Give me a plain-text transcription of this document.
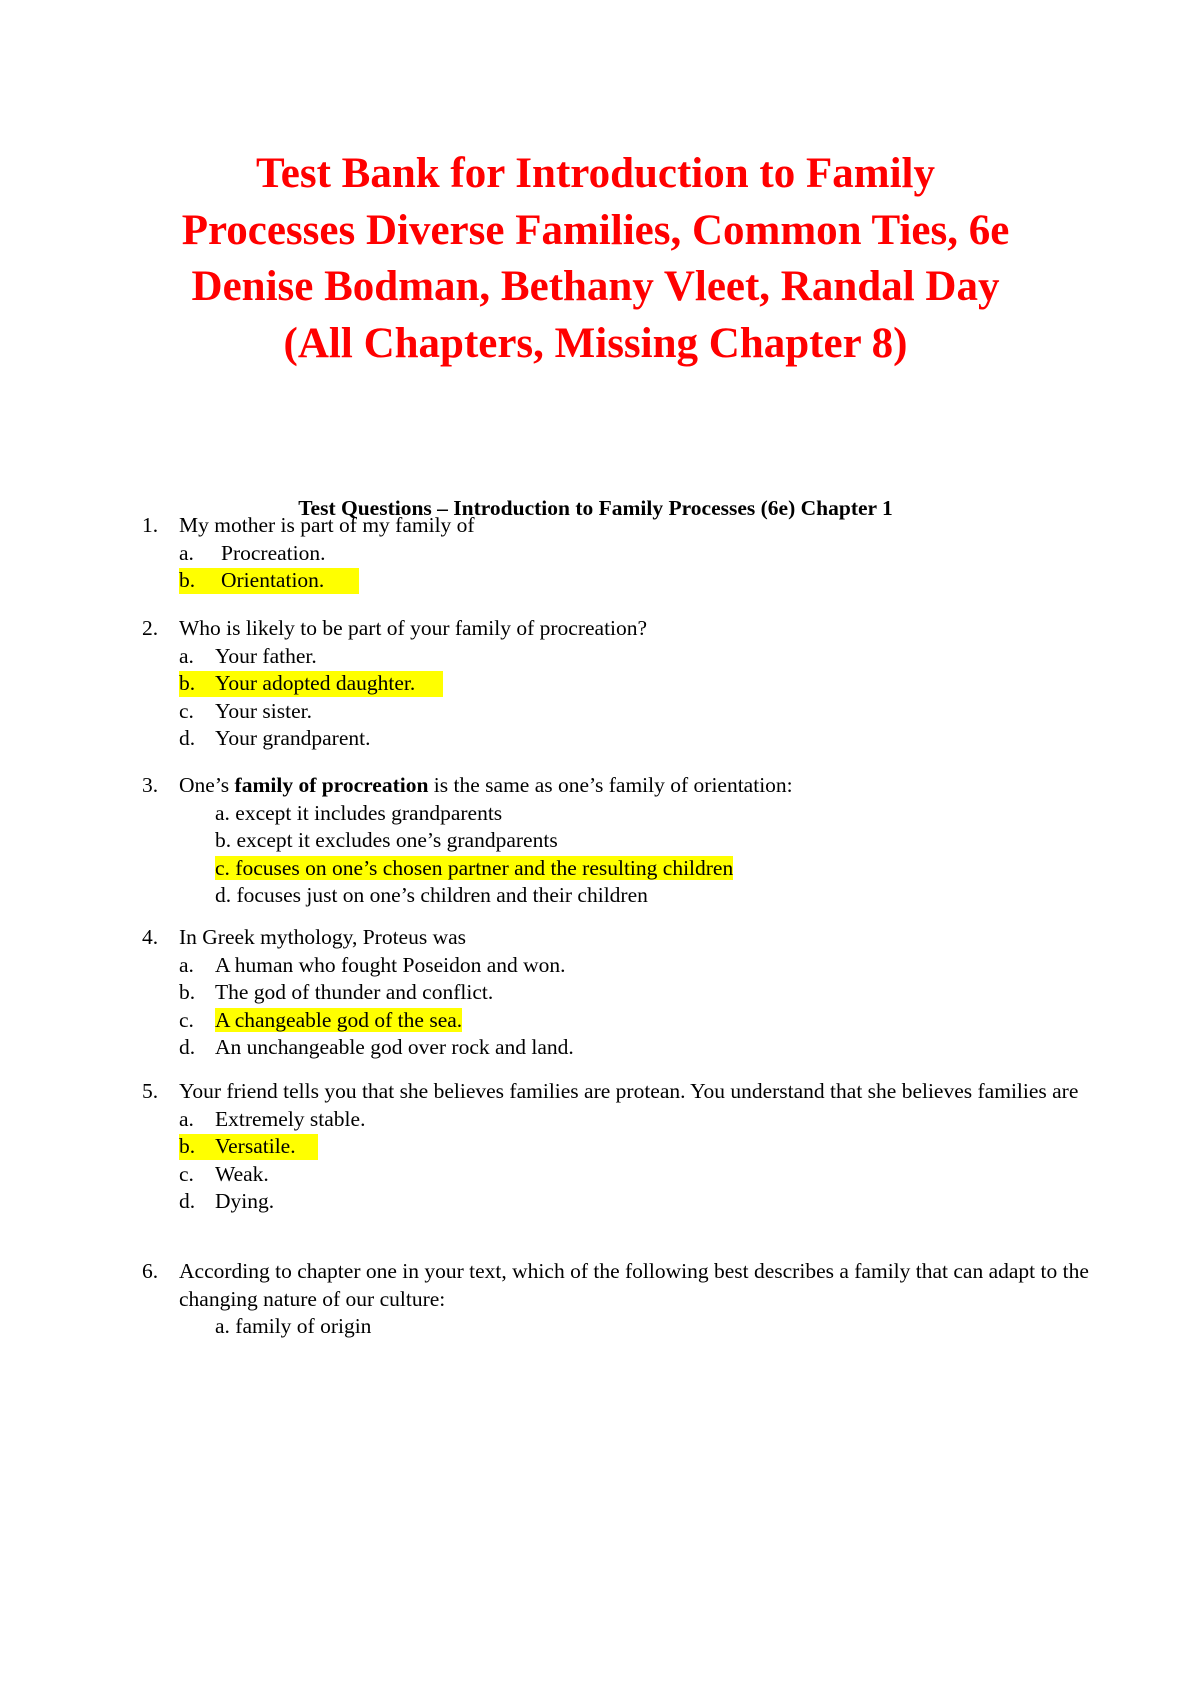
Test Bank for Introduction to Family
Processes Diverse Families, Common Ties, 6e
Denise Bodman, Bethany Vleet, Randal Day
(All Chapters, Missing Chapter 8)
Test Questions – Introduction to Family Processes (6e) Chapter 1
1. My mother is part of my family of
a. Procreation.
b. Orientation.
2. Who is likely to be part of your family of procreation?
a. Your father.
b. Your adopted daughter.
c. Your sister.
d. Your grandparent.
3. One’s family of procreation is the same as one’s family of orientation:
a. except it includes grandparents
b. except it excludes one’s grandparents
c. focuses on one’s chosen partner and the resulting children
d. focuses just on one’s children and their children
4. In Greek mythology, Proteus was
a. A human who fought Poseidon and won.
b. The god of thunder and conflict.
c. A changeable god of the sea.
d. An unchangeable god over rock and land.
5. Your friend tells you that she believes families are protean. You understand that she believes families are
a. Extremely stable.
b. Versatile.
c. Weak.
d. Dying.
6. According to chapter one in your text, which of the following best describes a family that can adapt to the changing nature of our culture:
a. family of origin
